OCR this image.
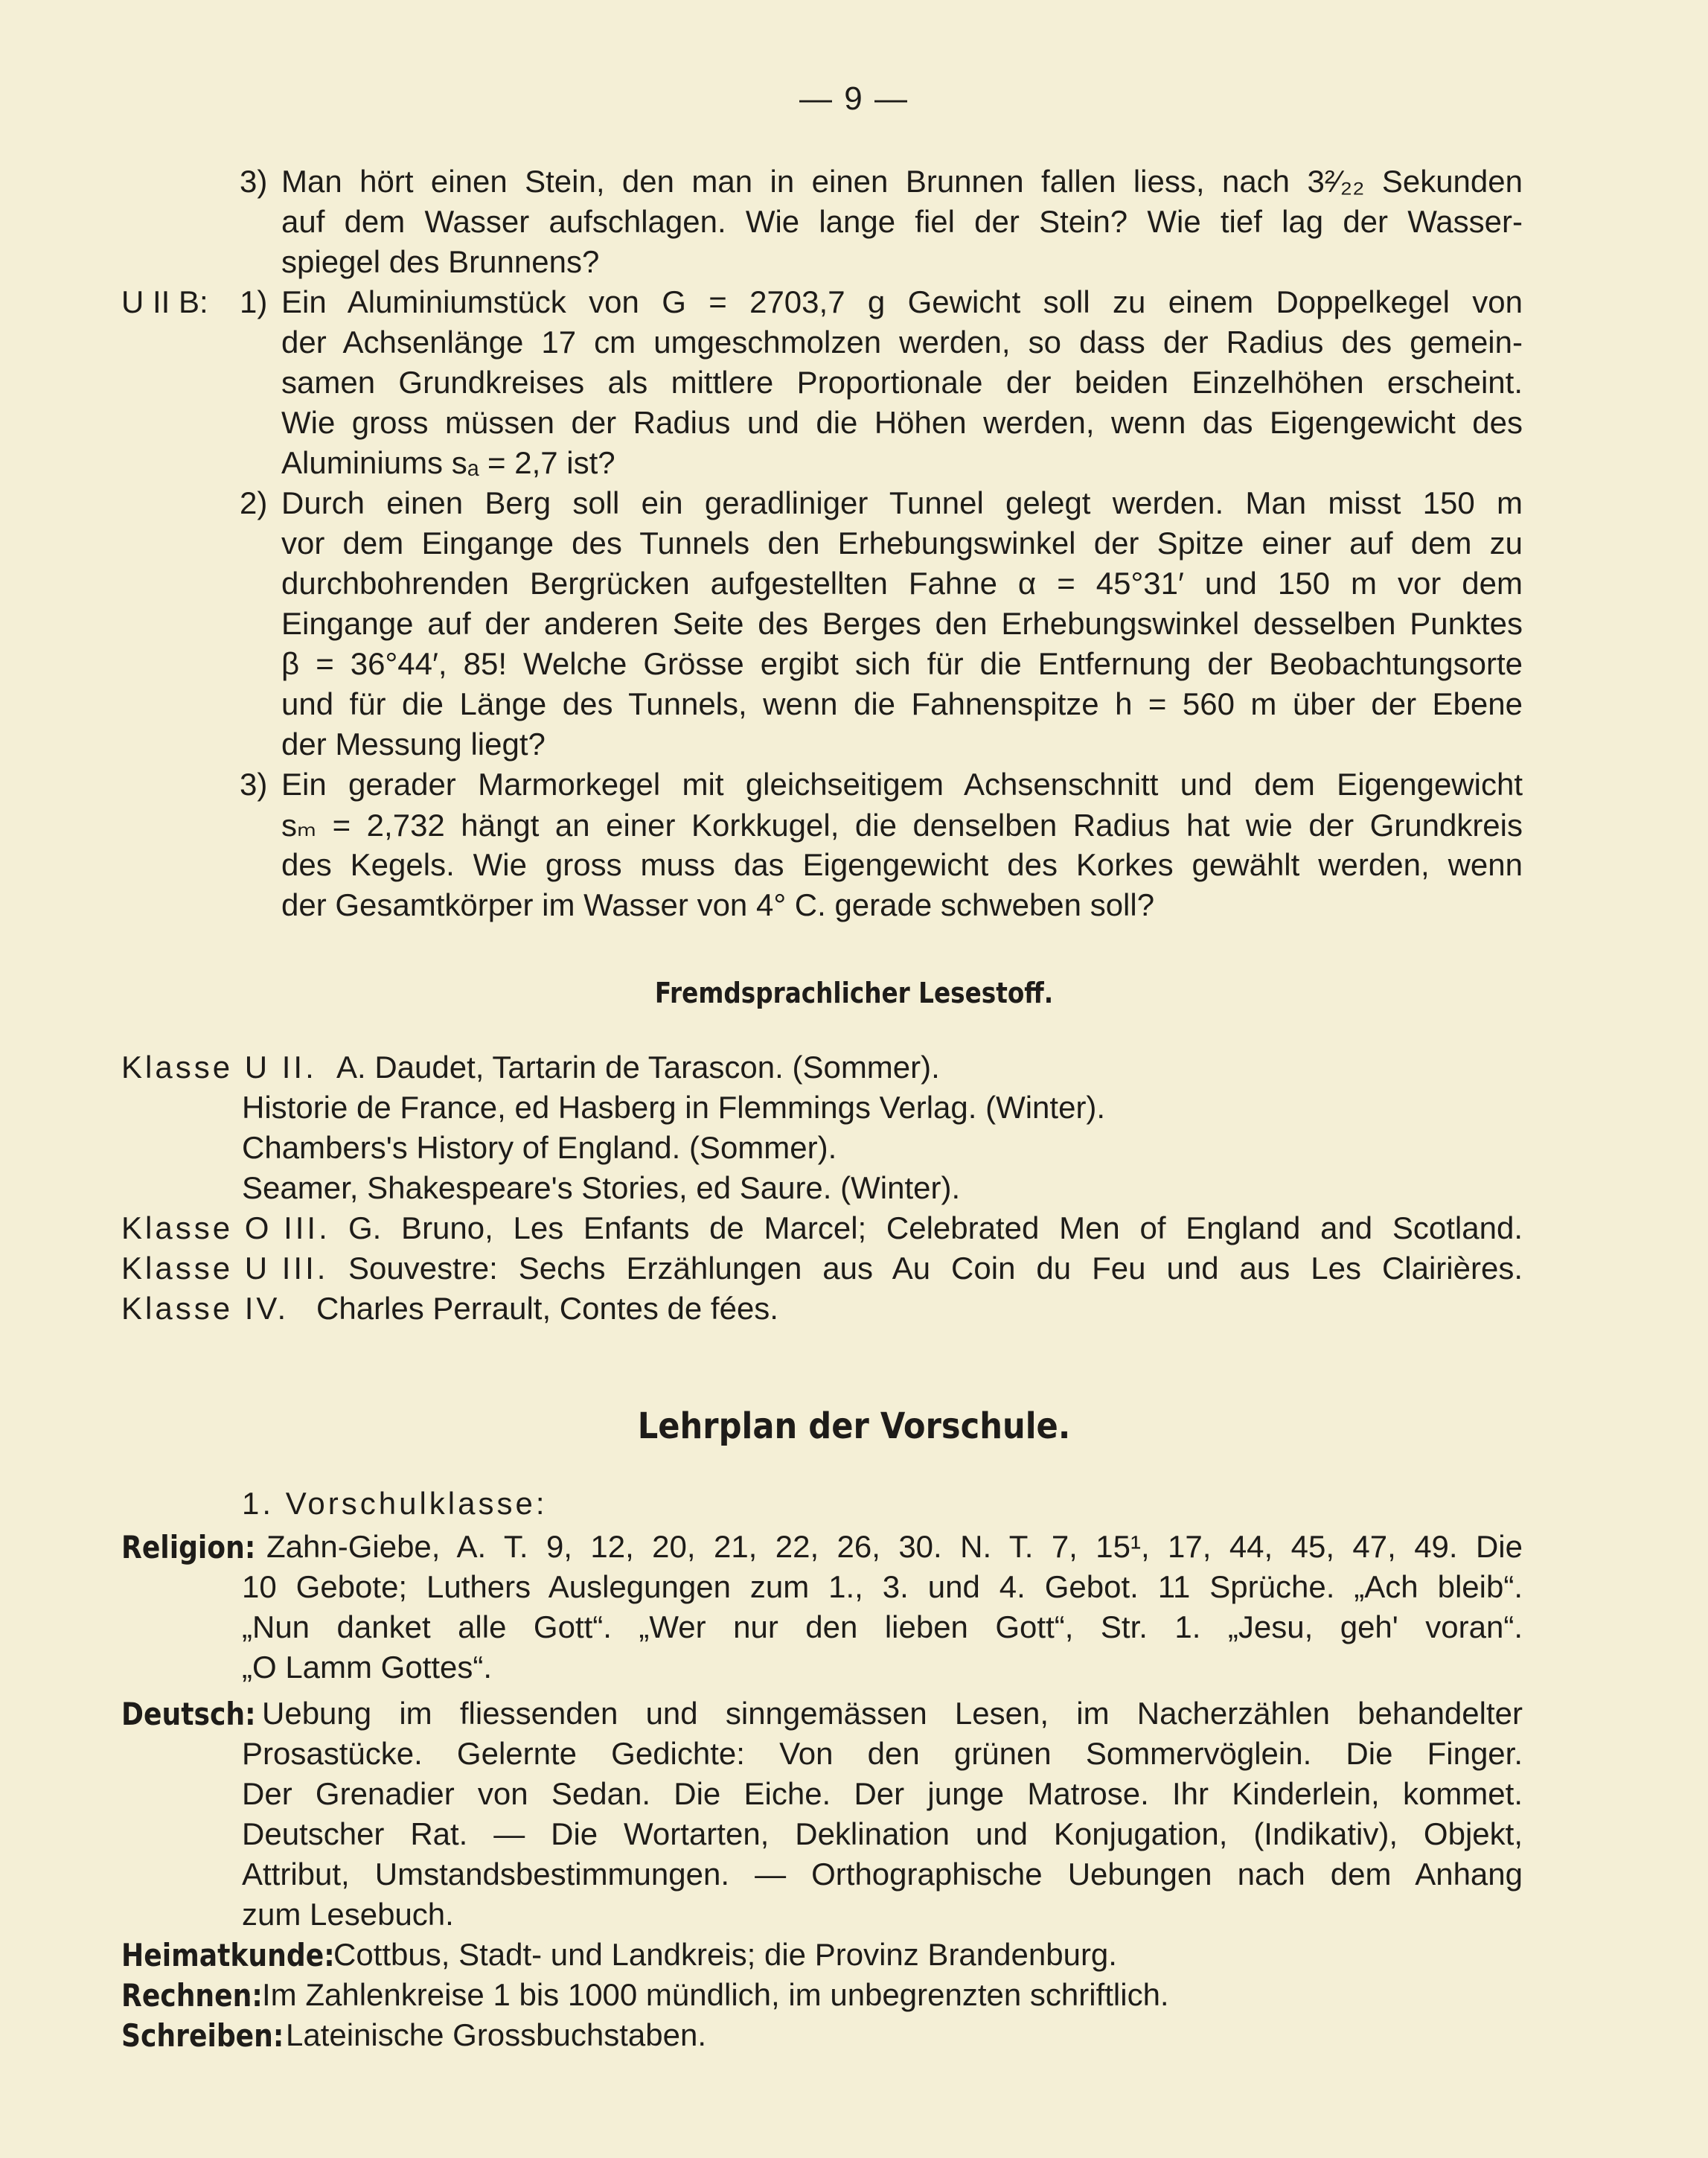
— 9 —
3) Man hört einen Stein, den man in einen Brunnen fallen liess, nach 3²⁄₂₂ Sekunden
auf dem Wasser aufschlagen. Wie lange fiel der Stein? Wie tief lag der Wasser-
spiegel des Brunnens?
U II B: 1) Ein Aluminiumstück von G = 2703,7 g Gewicht soll zu einem Doppelkegel von
der Achsenlänge 17 cm umgeschmolzen werden, so dass der Radius des gemein-
samen Grundkreises als mittlere Proportionale der beiden Einzelhöhen erscheint.
Wie gross müssen der Radius und die Höhen werden, wenn das Eigengewicht des
Aluminiums sₐ = 2,7 ist?
2) Durch einen Berg soll ein geradliniger Tunnel gelegt werden. Man misst 150 m
vor dem Eingange des Tunnels den Erhebungswinkel der Spitze einer auf dem zu
durchbohrenden Bergrücken aufgestellten Fahne α = 45°31′ und 150 m vor dem
Eingange auf der anderen Seite des Berges den Erhebungswinkel desselben Punktes
β = 36°44′, 85! Welche Grösse ergibt sich für die Entfernung der Beobachtungsorte
und für die Länge des Tunnels, wenn die Fahnenspitze h = 560 m über der Ebene
der Messung liegt?
3) Ein gerader Marmorkegel mit gleichseitigem Achsenschnitt und dem Eigengewicht
sₘ = 2,732 hängt an einer Korkkugel, die denselben Radius hat wie der Grundkreis
des Kegels. Wie gross muss das Eigengewicht des Korkes gewählt werden, wenn
der Gesamtkörper im Wasser von 4° C. gerade schweben soll?
Fremdsprachlicher Lesestoff.
Klasse U II. A. Daudet, Tartarin de Tarascon. (Sommer).
Historie de France, ed Hasberg in Flemmings Verlag. (Winter).
Chambers's History of England. (Sommer).
Seamer, Shakespeare's Stories, ed Saure. (Winter).
Klasse O III. G. Bruno, Les Enfants de Marcel; Celebrated Men of England and Scotland.
Klasse U III. Souvestre: Sechs Erzählungen aus Au Coin du Feu und aus Les Clairières.
Klasse IV. Charles Perrault, Contes de fées.
Lehrplan der Vorschule.
1. Vorschulklasse:
Religion: Zahn-Giebe, A. T. 9, 12, 20, 21, 22, 26, 30. N. T. 7, 15¹, 17, 44, 45, 47, 49. Die
10 Gebote; Luthers Auslegungen zum 1., 3. und 4. Gebot. 11 Sprüche. „Ach bleib“.
„Nun danket alle Gott“. „Wer nur den lieben Gott“, Str. 1. „Jesu, geh' voran“.
„O Lamm Gottes“.
Deutsch: Uebung im fliessenden und sinngemässen Lesen, im Nacherzählen behandelter
Prosastücke. Gelernte Gedichte: Von den grünen Sommervöglein. Die Finger.
Der Grenadier von Sedan. Die Eiche. Der junge Matrose. Ihr Kinderlein, kommet.
Deutscher Rat. — Die Wortarten, Deklination und Konjugation, (Indikativ), Objekt,
Attribut, Umstandsbestimmungen. — Orthographische Uebungen nach dem Anhang
zum Lesebuch.
Heimatkunde:
Cottbus, Stadt- und Landkreis; die Provinz Brandenburg.
Rechnen: Im Zahlenkreise 1 bis 1000 mündlich, im unbegrenzten schriftlich.
Schreiben: Lateinische Grossbuchstaben.
